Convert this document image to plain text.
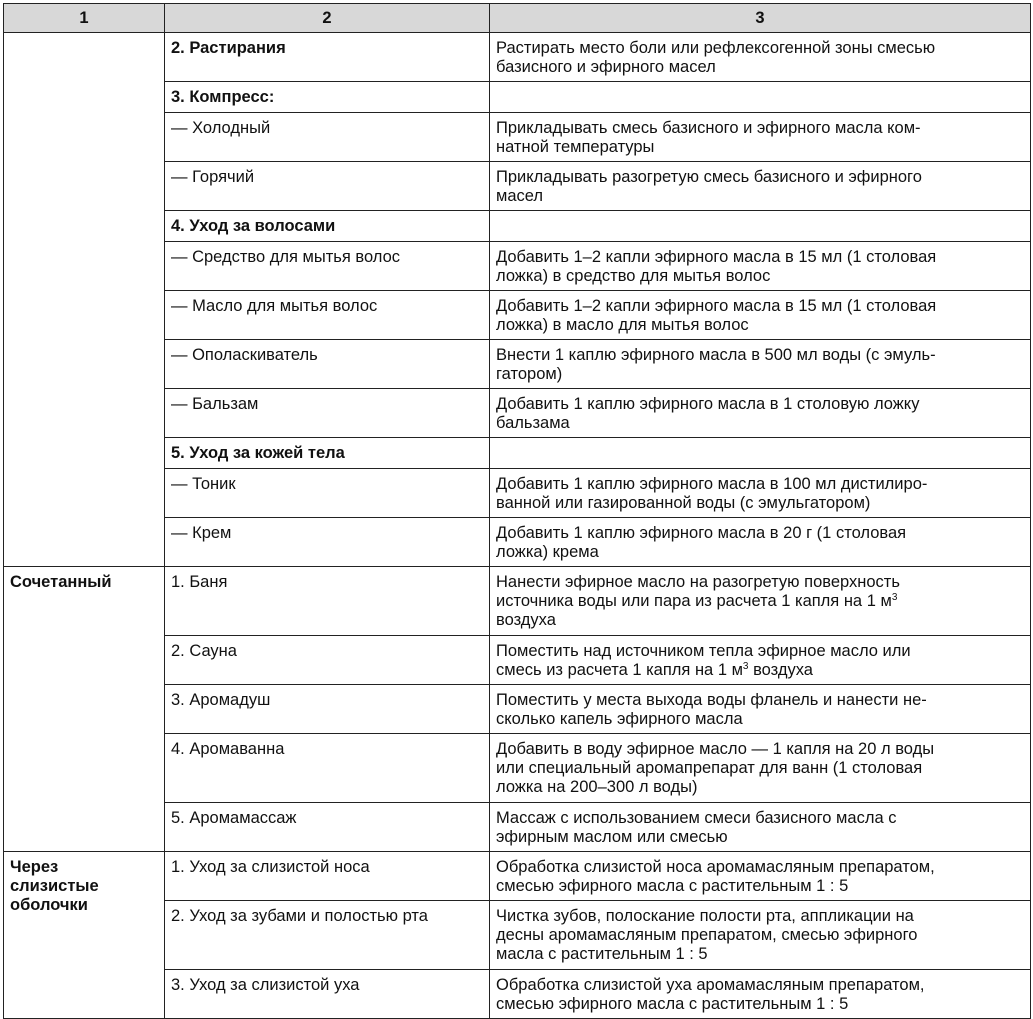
1	2	3

	2. Растирания	Растирать место боли или рефлексогенной зоны смесью
базисного и эфирного масел

	3. Компресс:	

	— Холодный	Прикладывать смесь базисного и эфирного масла ком-
натной температуры

	— Горячий	Прикладывать разогретую смесь базисного и эфирного
масел

	4. Уход за волосами	

	— Средство для мытья волос	Добавить 1–2 капли эфирного масла в 15 мл (1 столовая
ложка) в средство для мытья волос

	— Масло для мытья волос	Добавить 1–2 капли эфирного масла в 15 мл (1 столовая
ложка) в масло для мытья волос

	— Ополаскиватель	Внести 1 каплю эфирного масла в 500 мл воды (с эмуль-
гатором)

	— Бальзам	Добавить 1 каплю эфирного масла в 1 столовую ложку
бальзама

	5. Уход за кожей тела	

	— Тоник	Добавить 1 каплю эфирного масла в 100 мл дистилиро-
ванной или газированной воды (с эмульгатором)

	— Крем	Добавить 1 каплю эфирного масла в 20 г (1 столовая
ложка) крема

Сочетанный	1. Баня	Нанести эфирное масло на разогретую поверхность
источника воды или пара из расчета 1 капля на 1 $м^3$
воздуха

	2. Сауна	Поместить над источником тепла эфирное масло или
смесь из расчета 1 капля на 1 $м^3$ воздуха

	3. Аромадуш	Поместить у места выхода воды фланель и нанести не-
сколько капель эфирного масла

	4. Аромаванна	Добавить в воду эфирное масло — 1 капля на 20 л воды
или специальный аромапрепарат для ванн (1 столовая
ложка на 200–300 л воды)

	5. Аромамассаж	Массаж с использованием смеси базисного масла с
эфирным маслом или смесью

Через
слизистые
оболочки	1. Уход за слизистой носа	Обработка слизистой носа аромамасляным препаратом,
смесью эфирного масла с растительным 1 : 5

	2. Уход за зубами и полостью рта	Чистка зубов, полоскание полости рта, аппликации на
десны аромамасляным препаратом, смесью эфирного
масла с растительным 1 : 5

	3. Уход за слизистой уха	Обработка слизистой уха аромамасляным препаратом,
смесью эфирного масла с растительным 1 : 5
